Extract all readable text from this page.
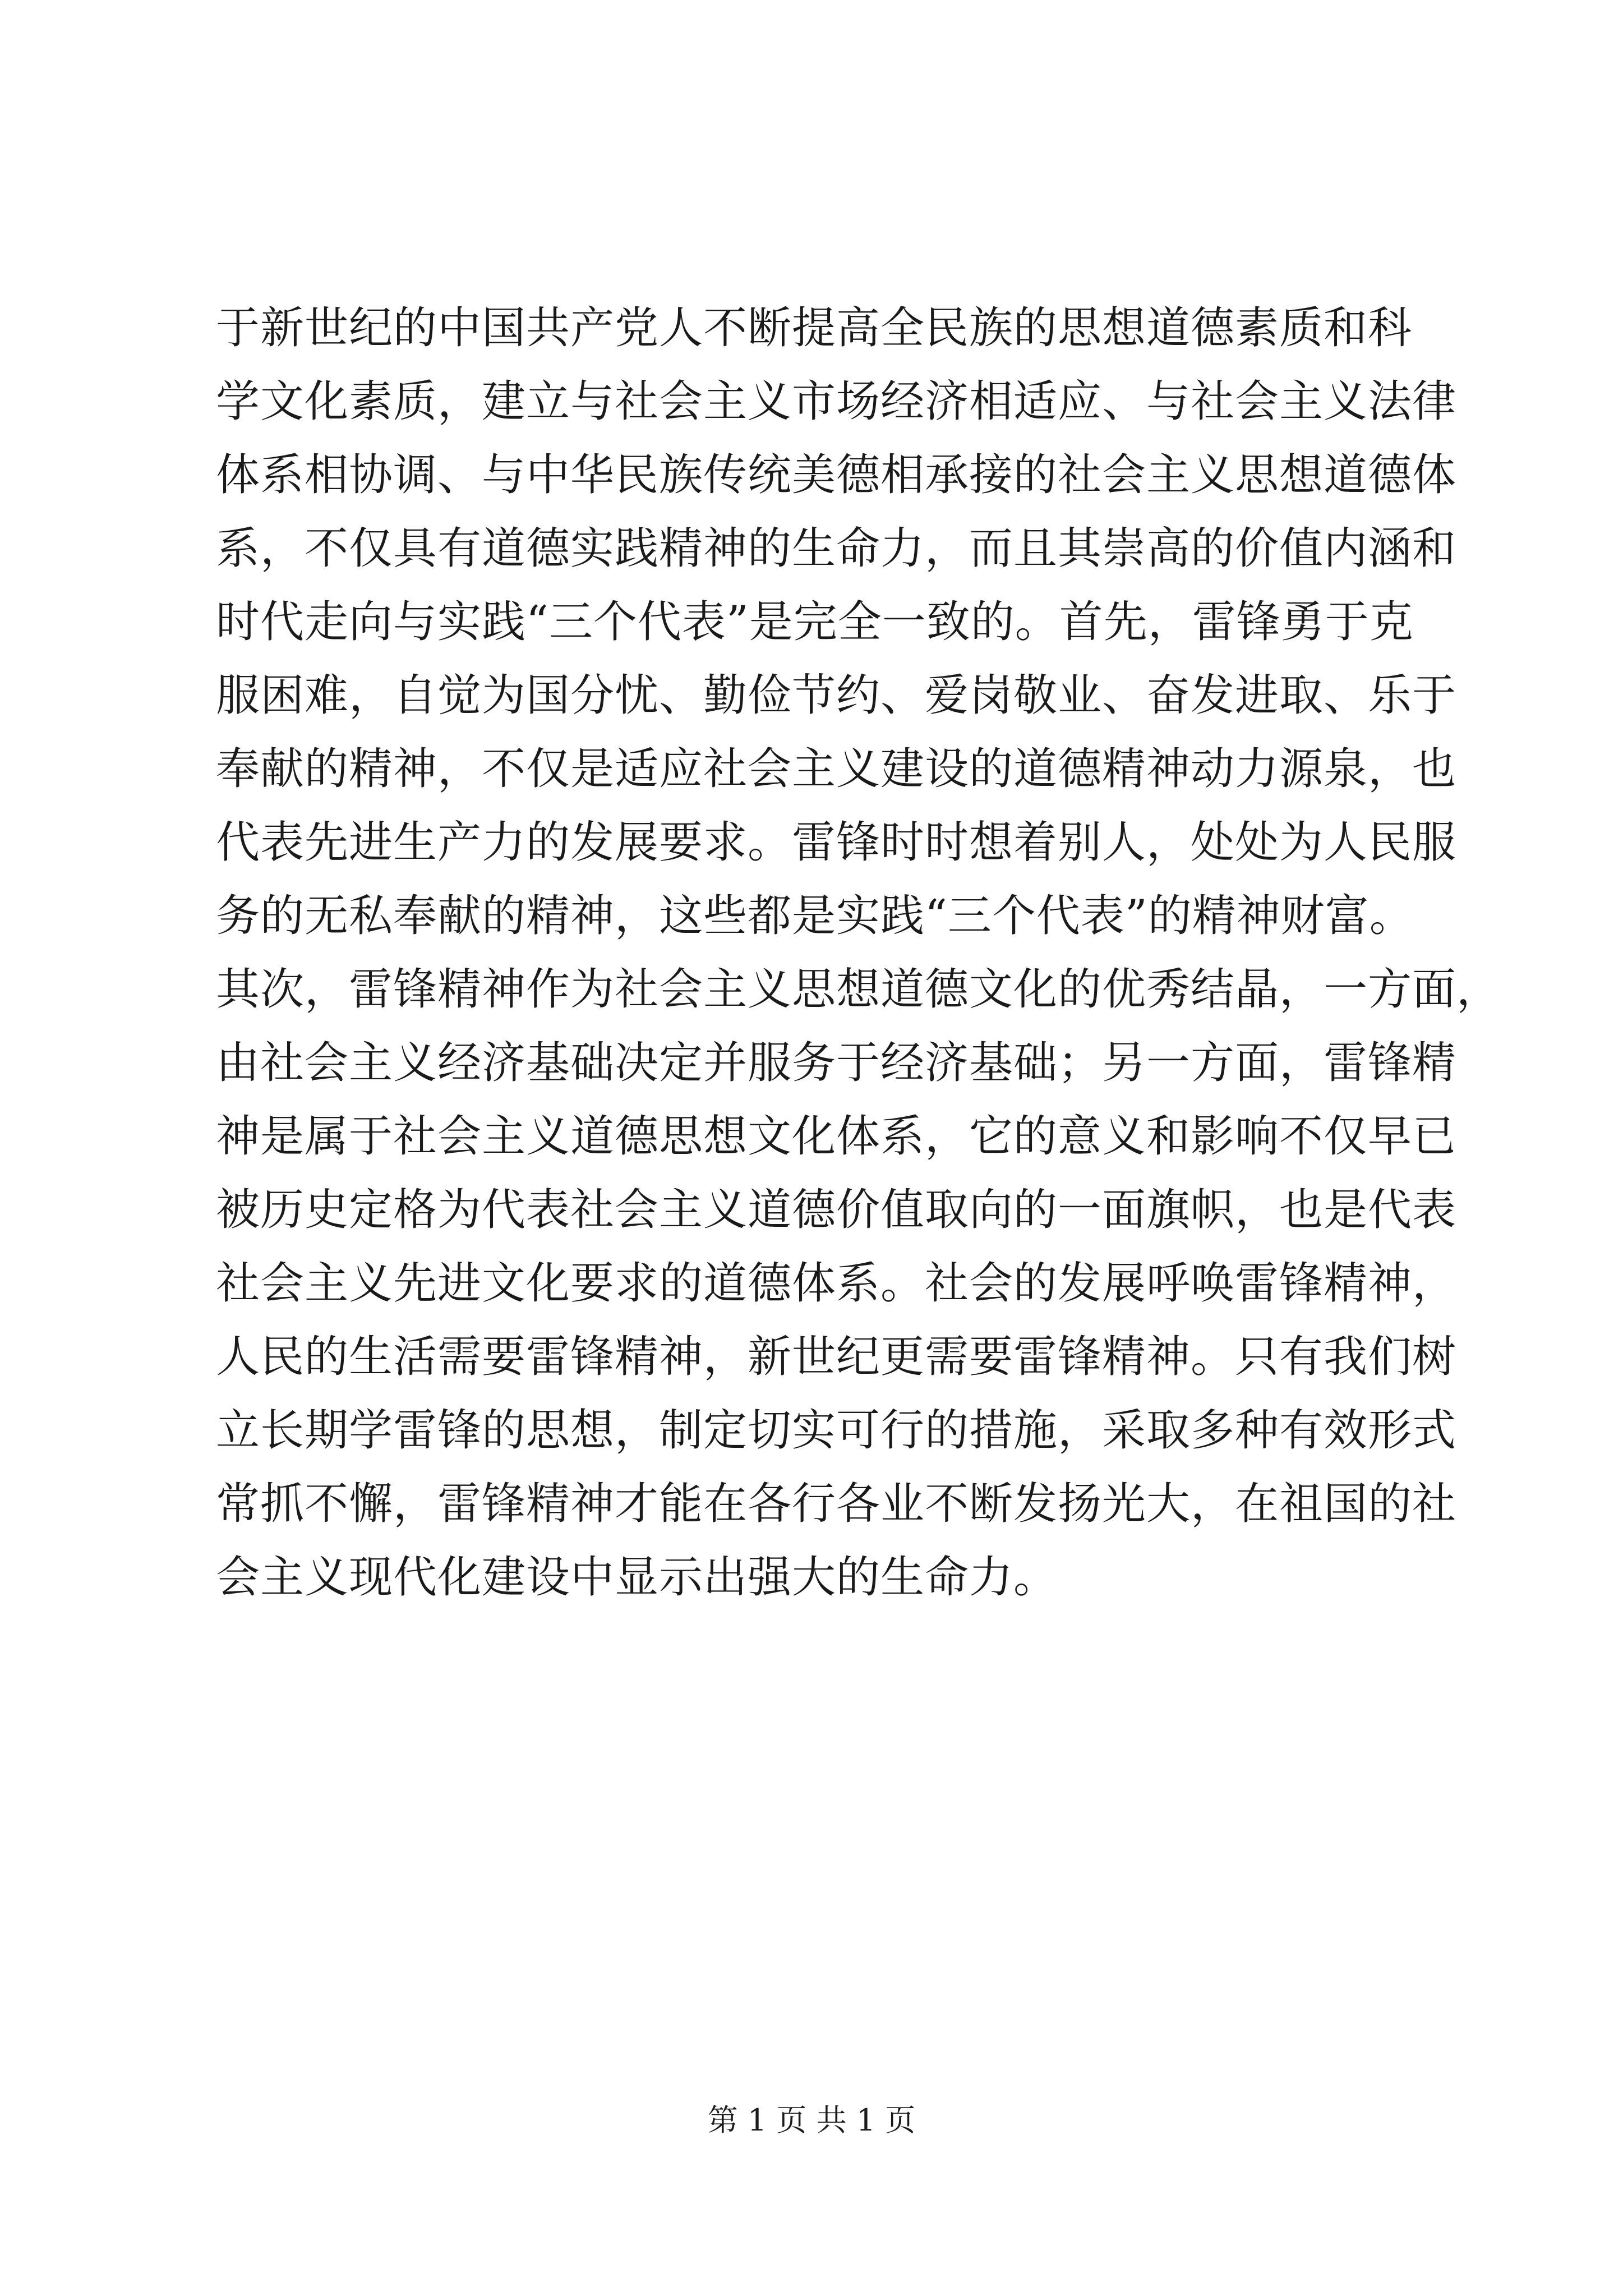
于新世纪的中国共产党人不断提高全民族的思想道德素质和科
学文化素质，建立与社会主义市场经济相适应、与社会主义法律
体系相协调、与中华民族传统美德相承接的社会主义思想道德体
系，不仅具有道德实践精神的生命力，而且其崇高的价值内涵和
时代走向与实践“三个代表”是完全一致的。首先，雷锋勇于克
服困难，自觉为国分忧、勤俭节约、爱岗敬业、奋发进取、乐于
奉献的精神，不仅是适应社会主义建设的道德精神动力源泉，也
代表先进生产力的发展要求。雷锋时时想着别人，处处为人民服
务的无私奉献的精神，这些都是实践“三个代表”的精神财富。
其次，雷锋精神作为社会主义思想道德文化的优秀结晶，一方面，
由社会主义经济基础决定并服务于经济基础；另一方面，雷锋精
神是属于社会主义道德思想文化体系，它的意义和影响不仅早已
被历史定格为代表社会主义道德价值取向的一面旗帜，也是代表
社会主义先进文化要求的道德体系。社会的发展呼唤雷锋精神，
人民的生活需要雷锋精神，新世纪更需要雷锋精神。只有我们树
立长期学雷锋的思想，制定切实可行的措施，采取多种有效形式
常抓不懈，雷锋精神才能在各行各业不断发扬光大，在祖国的社
会主义现代化建设中显示出强大的生命力。
第 1 页 共 1 页
